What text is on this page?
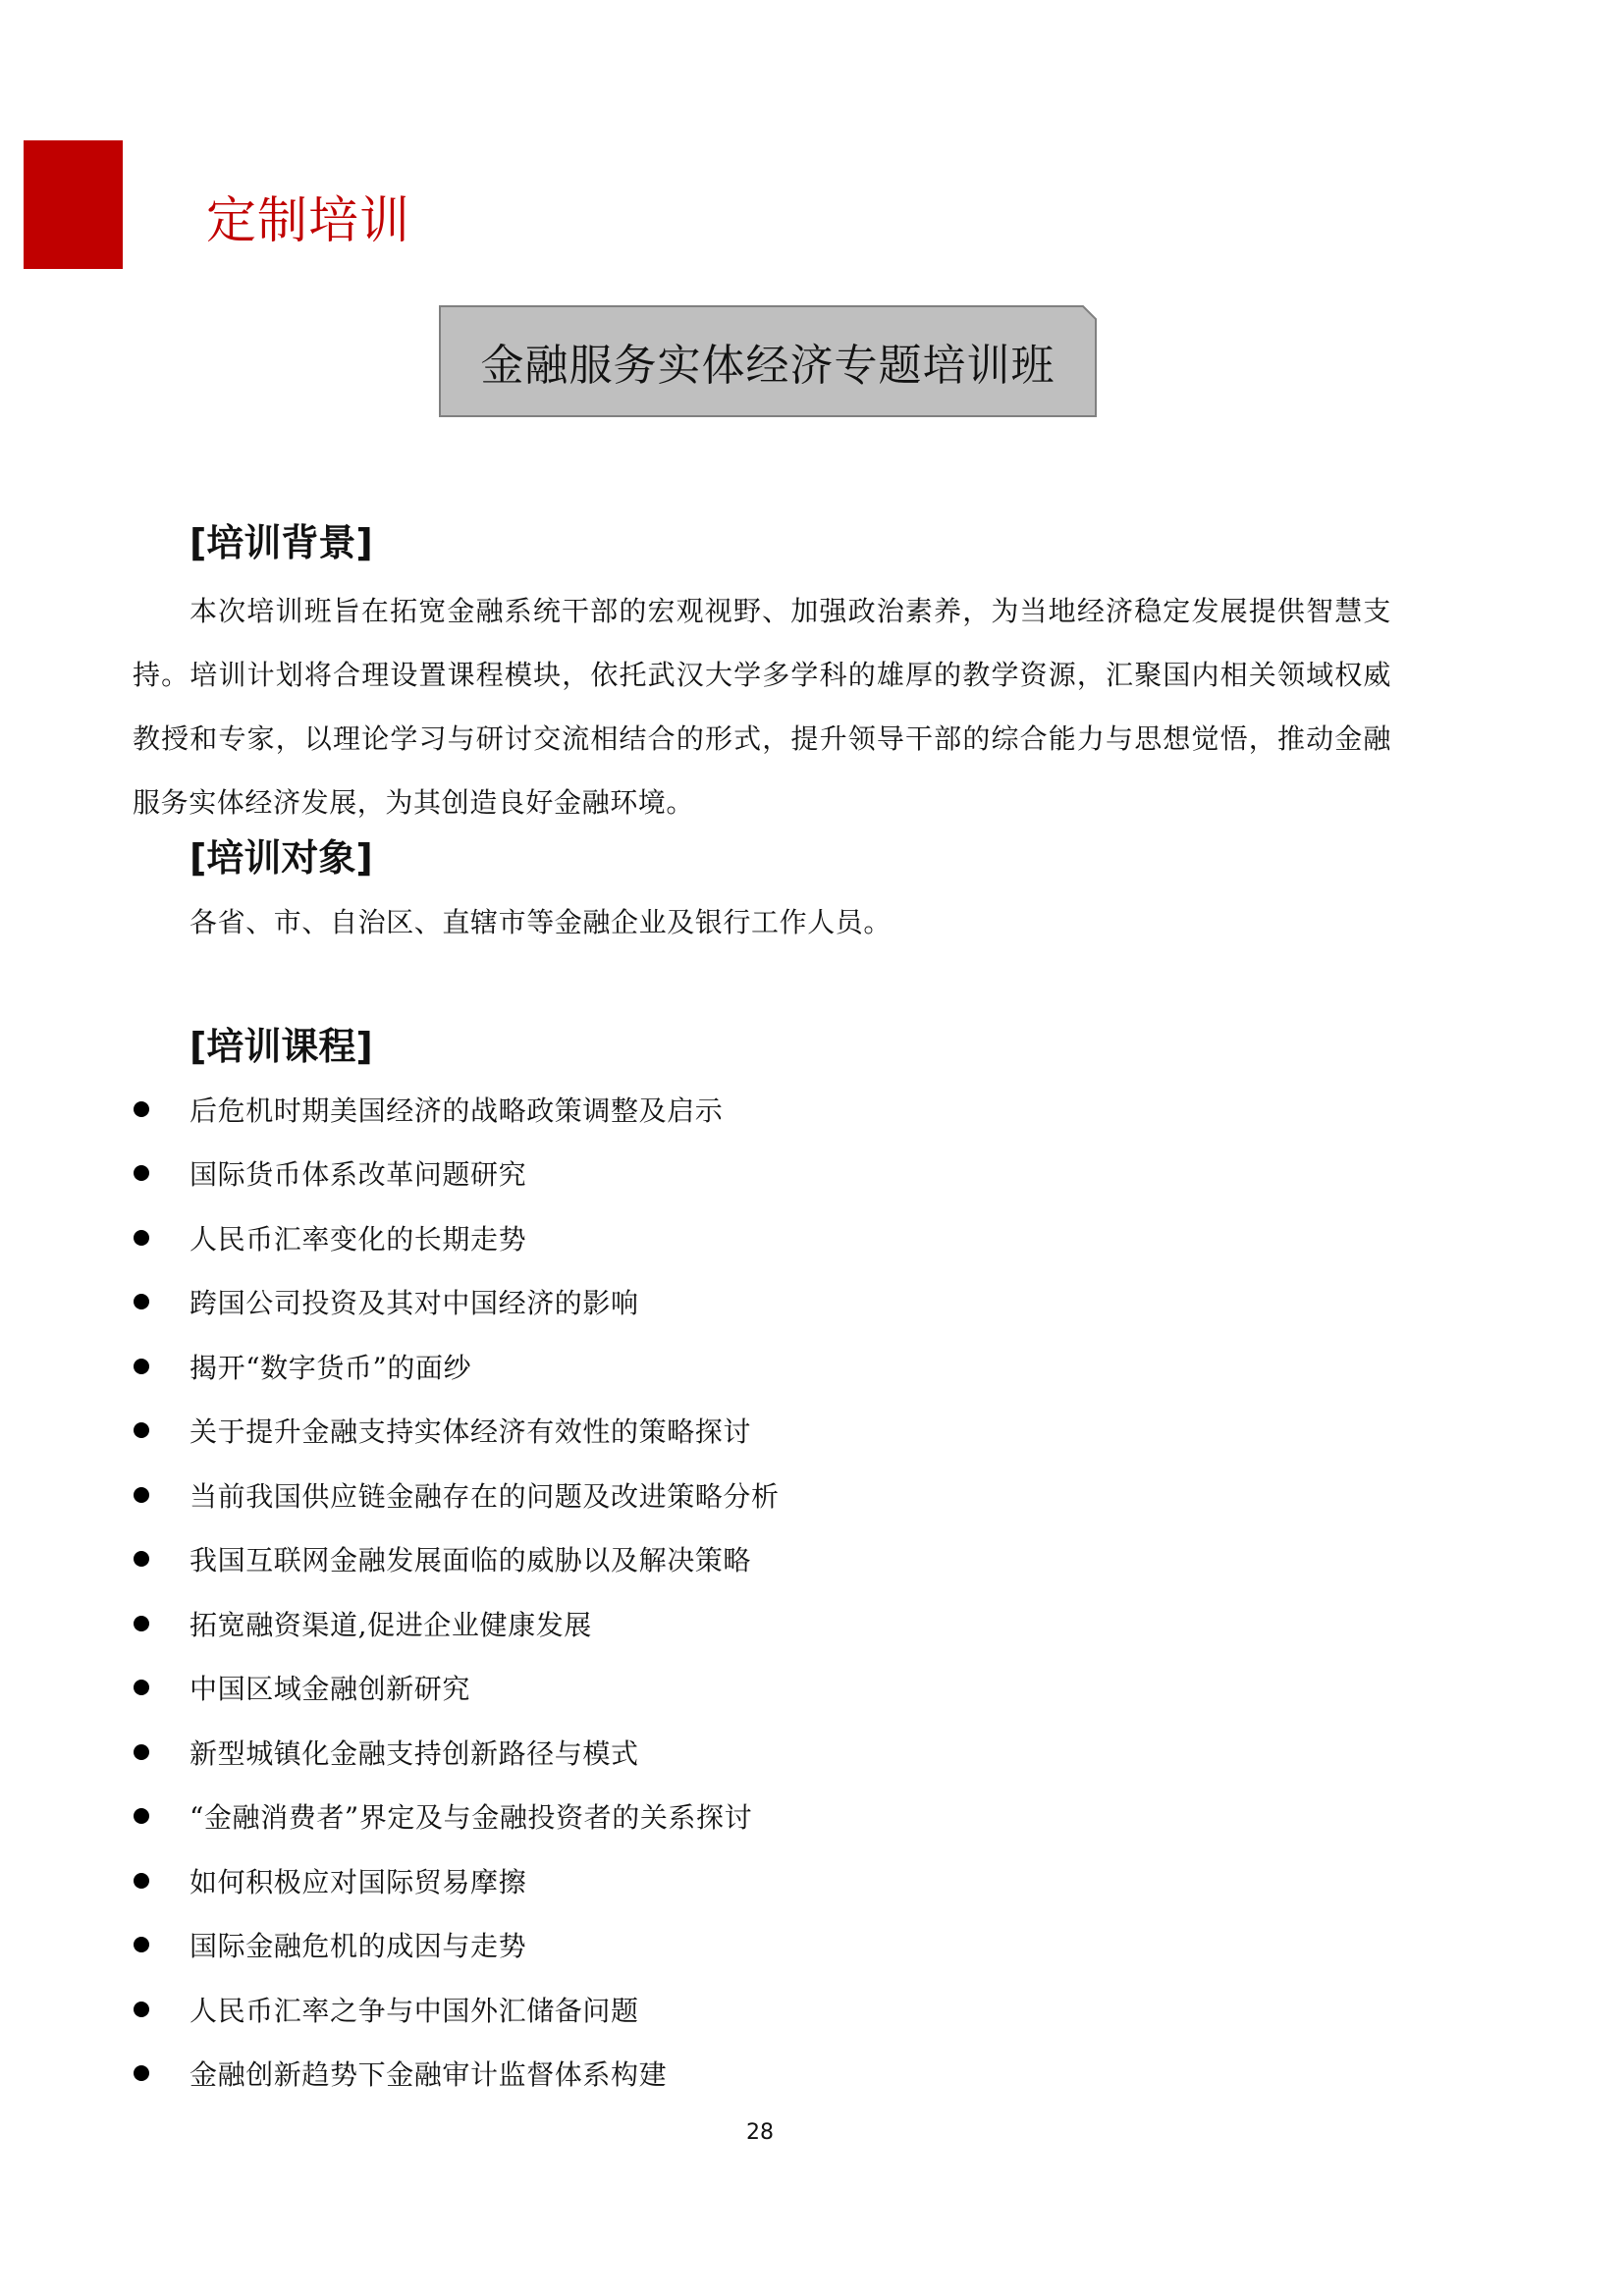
定制培训
金融服务实体经济专题培训班
[培训背景]
本次培训班旨在拓宽金融系统干部的宏观视野、加强政治素养，为当地经济稳定发展提供智慧支持。培训计划将合理设置课程模块，依托武汉大学多学科的雄厚的教学资源，汇聚国内相关领域权威教授和专家，以理论学习与研讨交流相结合的形式，提升领导干部的综合能力与思想觉悟，推动金融服务实体经济发展，为其创造良好金融环境。
[培训对象]
各省、市、自治区、直辖市等金融企业及银行工作人员。
[培训课程]
后危机时期美国经济的战略政策调整及启示
国际货币体系改革问题研究
人民币汇率变化的长期走势
跨国公司投资及其对中国经济的影响
揭开“数字货币”的面纱
关于提升金融支持实体经济有效性的策略探讨
当前我国供应链金融存在的问题及改进策略分析
我国互联网金融发展面临的威胁以及解决策略
拓宽融资渠道,促进企业健康发展
中国区域金融创新研究
新型城镇化金融支持创新路径与模式
“金融消费者”界定及与金融投资者的关系探讨
如何积极应对国际贸易摩擦
国际金融危机的成因与走势
人民币汇率之争与中国外汇储备问题
金融创新趋势下金融审计监督体系构建
28
